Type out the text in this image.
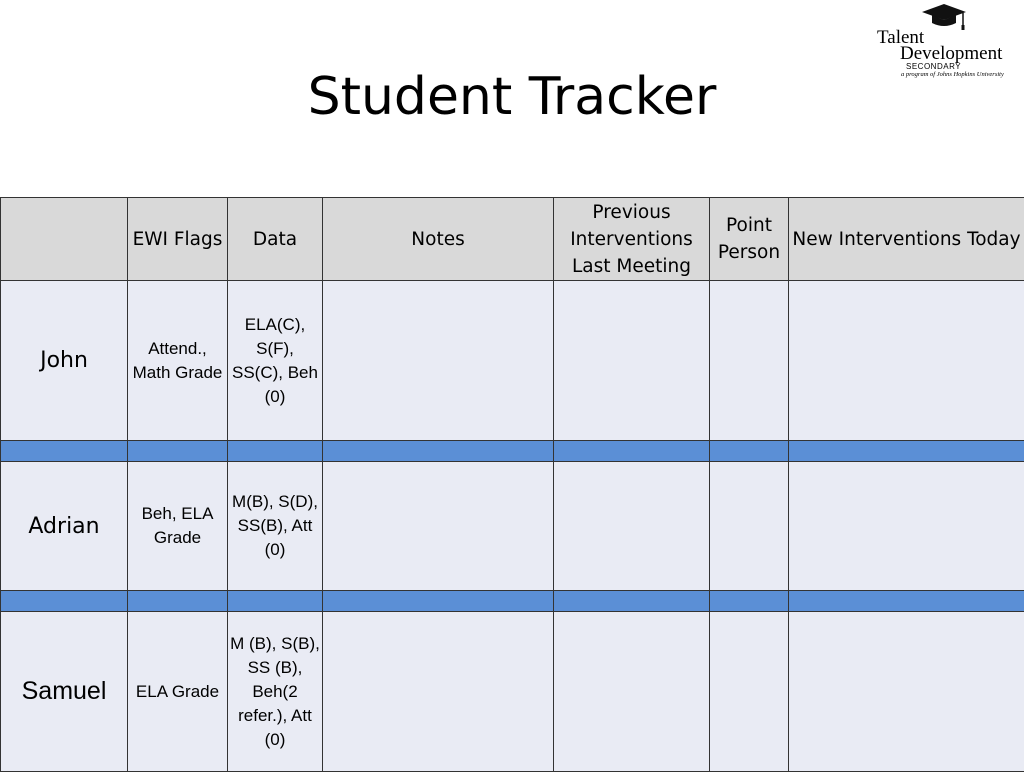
Student Tracker
Talent
Development
SECONDARY
a program of Johns Hopkins University
	EWI Flags	Data	Notes	Previous Interventions Last Meeting	Point Person	New Interventions Today
John	Attend., Math Grade	ELA(C), S(F), SS(C), Beh (0)				

Adrian	Beh, ELA Grade	M(B), S(D), SS(B), Att (0)				

Samuel	ELA Grade	M (B), S(B), SS (B), Beh(2 refer.), Att (0)				
